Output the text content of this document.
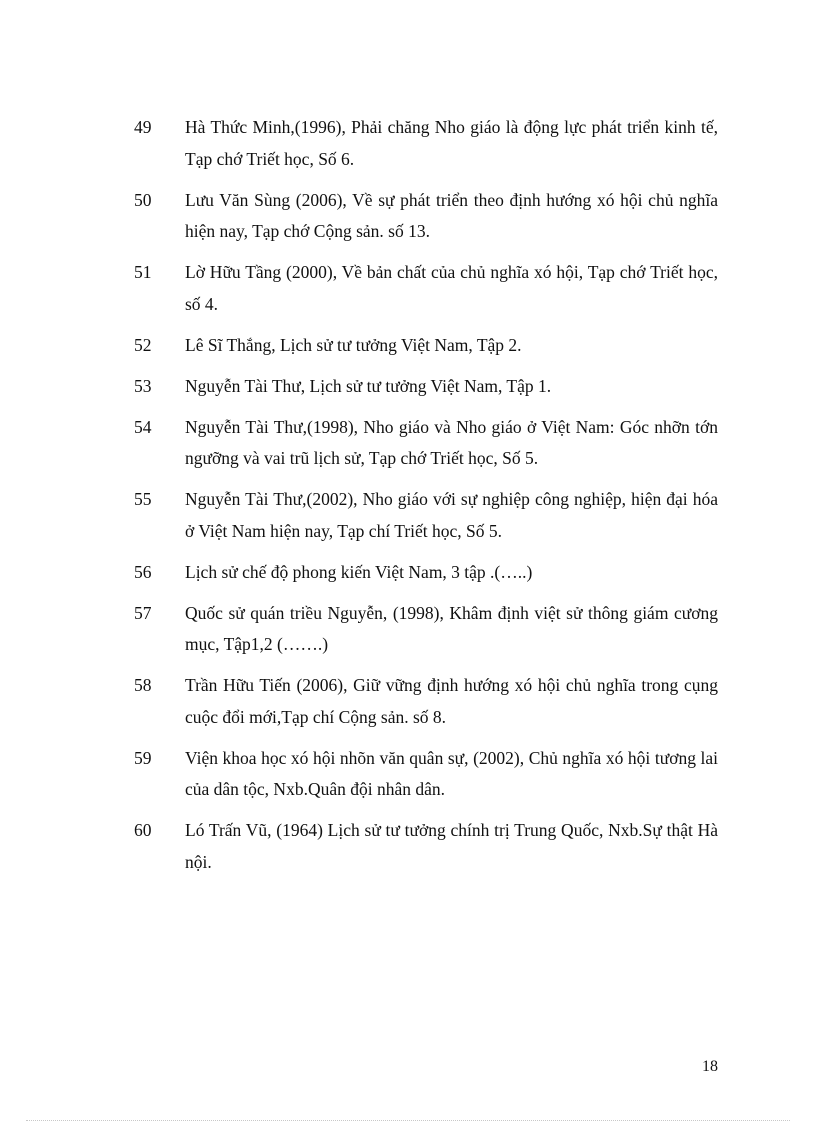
49	Hà Thức Minh,(1996), Phải chăng Nho giáo là động lực phát triển kinh tế, Tạp chớ Triết học, Số 6.
50	Lưu Văn Sùng (2006), Về sự phát triển theo định hướng xó hội chủ nghĩa hiện nay, Tạp chớ Cộng sản. số 13.
51	Lờ Hữu Tầng (2000), Về bản chất của chủ nghĩa xó hội, Tạp chớ Triết học, số 4.
52	Lê Sĩ Thắng, Lịch sử tư tưởng Việt Nam, Tập 2.
53	Nguyễn Tài Thư, Lịch sử tư tưởng Việt Nam, Tập 1.
54	Nguyễn Tài Thư,(1998), Nho giáo và Nho giáo ở Việt Nam: Góc nhỡn tớn ngưỡng và vai trũ lịch sử, Tạp chớ Triết học, Số 5.
55	Nguyễn Tài Thư,(2002), Nho giáo với sự nghiệp công nghiệp, hiện đại hóa ở Việt Nam hiện nay, Tạp chí Triết học, Số 5.
56	Lịch sử chế độ phong kiến Việt Nam, 3 tập .(…..)
57	Quốc sử quán triều Nguyễn, (1998), Khâm định việt sử thông giám cương mục, Tập1,2 (…….)
58	Trần Hữu Tiến (2006), Giữ vững định hướng xó hội chủ nghĩa trong cụng cuộc đổi mới,Tạp chí Cộng sản. số 8.
59	Viện khoa học xó hội nhõn văn quân sự, (2002), Chủ nghĩa xó hội tương lai của dân tộc, Nxb.Quân đội nhân dân.
60	Ló Trấn Vũ, (1964) Lịch sử tư tưởng chính trị Trung Quốc, Nxb.Sự thật Hà nội.
18
